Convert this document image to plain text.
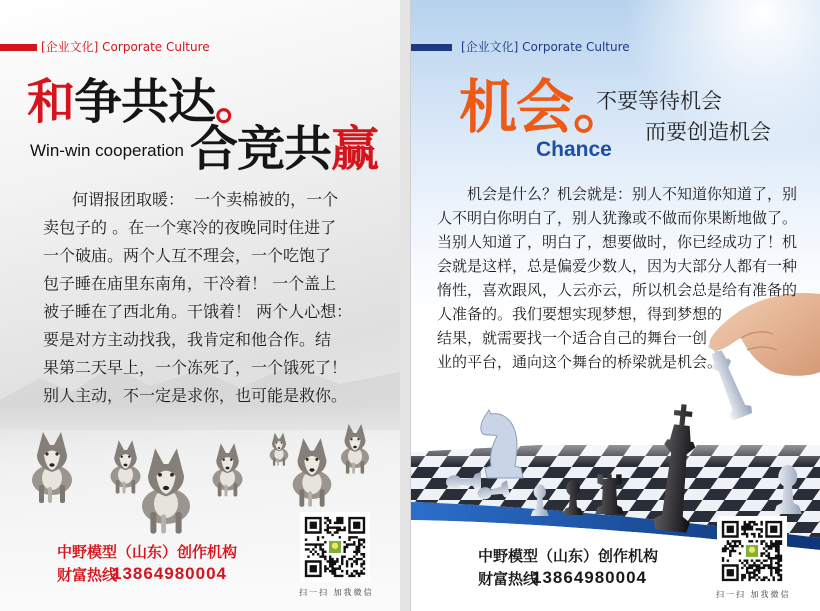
[企业文化] Corporate Culture
和争共达。
Win-win cooperation 合竞共赢
何谓报团取暖：  一个卖棉被的，一个
卖包子的 。在一个寒冷的夜晚同时住进了
一个破庙。两个人互不理会，一个吃饱了
包子睡在庙里东南角，干冷着！ 一个盖上
被子睡在了西北角。干饿着！ 两个人心想：
要是对方主动找我，我肯定和他合作。结
果第二天早上，一个冻死了，一个饿死了！
别人主动，不一定是求你，也可能是救你。
中野模型（山东）创作机构
财富热线
13864980004
扫一扫 加我微信
[企业文化] Corporate Culture
机会。
Chance
不要等待机会
而要创造机会
机会是什么？机会就是：别人不知道你知道了，别
人不明白你明白了，别人犹豫或不做而你果断地做了。
当别人知道了，明白了，想要做时，你已经成功了！机
会就是这样，总是偏爱少数人，因为大部分人都有一种
惰性，喜欢跟风，人云亦云，所以机会总是给有准备的
人准备的。我们要想实现梦想，得到梦想的
结果，就需要找一个适合自己的舞台一创
业的平台，通向这个舞台的桥梁就是机会。
中野模型（山东）创作机构
财富热线
13864980004
扫一扫 加我微信
